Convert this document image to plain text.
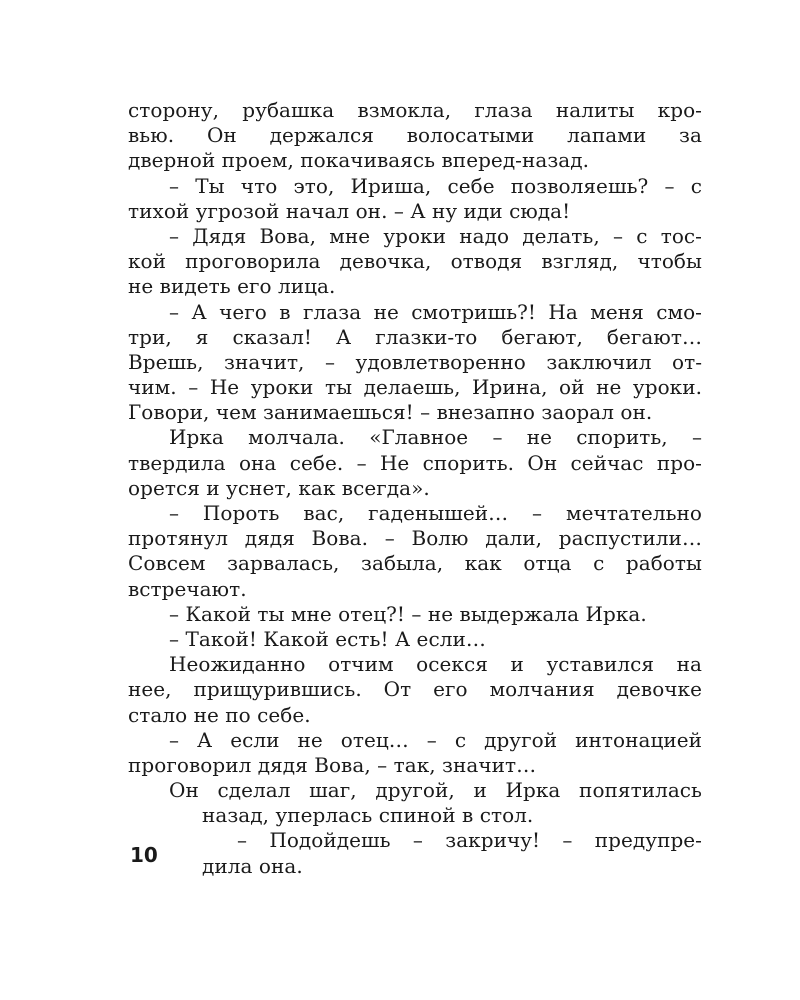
сторону, рубашка взмокла, глаза налиты кро-
вью. Он держался волосатыми лапами за
дверной проем, покачиваясь вперед-назад.
– Ты что это, Ириша, себе позволяешь? – с
тихой угрозой начал он. – А ну иди сюда!
– Дядя Вова, мне уроки надо делать, – с тос-
кой проговорила девочка, отводя взгляд, чтобы
не видеть его лица.
– А чего в глаза не смотришь?! На меня смо-
три, я сказал! А глазки-то бегают, бегают…
Врешь, значит, – удовлетворенно заключил от-
чим. – Не уроки ты делаешь, Ирина, ой не уроки.
Говори, чем занимаешься! – внезапно заорал он.
Ирка молчала. «Главное – не спорить, –
твердила она себе. – Не спорить. Он сейчас про-
орется и уснет, как всегда».
– Пороть вас, гаденышей… – мечтательно
протянул дядя Вова. – Волю дали, распустили…
Совсем зарвалась, забыла, как отца с работы
встречают.
– Какой ты мне отец?! – не выдержала Ирка.
– Такой! Какой есть! А если…
Неожиданно отчим осекся и уставился на
нее, прищурившись. От его молчания девочке
стало не по себе.
– А если не отец… – с другой интонацией
проговорил дядя Вова, – так, значит…
Он сделал шаг, другой, и Ирка попятилась
назад, уперлась спиной в стол.
– Подойдешь – закричу! – предупре-
дила она.
10
